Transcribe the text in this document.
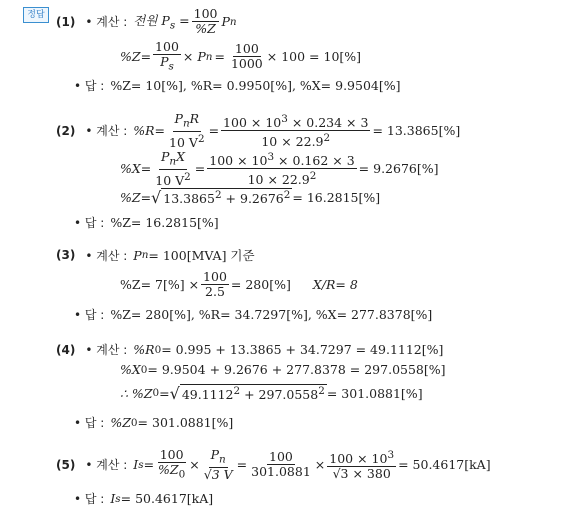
정답 (1) • 계산 : 전원 $P_s = \frac{100}{\%Z}$ P n
$\%Z= \frac{100}{P_s} \times P$ $n = \frac{100}{1000} \times 100 = 10[\%]$
• 답 : %Z= 10[%], %R= 0.9950[%], %X= 9.9504[%]
(2) • 계산 : %R=
$P_nR$
10 $V^2$
= $\frac{100 \times 10^3 \times 0.234 \times 3}{10 \times 22.9^2} = 13.3865[\%]$
%X=
$P_nX$
10 $V^2$
= $\frac{100 \times 10^3 \times 0.162 \times 3}{10 \times 22.9^2} = 9.2676[\%]$
%Z= √ $13.3865^2 + 9.2676^2 = 16.2815[\%]$
• 답 : %Z= 16.2815[%]
(3) • 계산 : P n = 100[MVA] 기준
$\%Z= 7[\%] \times \frac{100}{2.5} = 280[\%]$ X/R= 8
• 답 : %Z= 280[%], %R= 34.7297[%], %X= 277.8378[%]
(4) • 계산 : %R 0 = 0.995 + 13.3865 + 34.7297 = 49.1112[%]
%X 0 = 9.9504 + 9.2676 + 277.8378 = 297.0558[%]
∴ %Z 0 = √ $49.1112^2 + 297.0558^2 = 301.0881[\%]$
• 답 : %Z 0 = 301.0881[%]
(5) • 계산 : I $s = \frac{100}{\%Z_0} \times \frac{P_n}{√3 V} = \frac{100}{301.0881} \times \frac{100 \times 10^3}{√3 \times 380} = 50.4617[kA]$
• 답 : I s = 50.4617[kA]
